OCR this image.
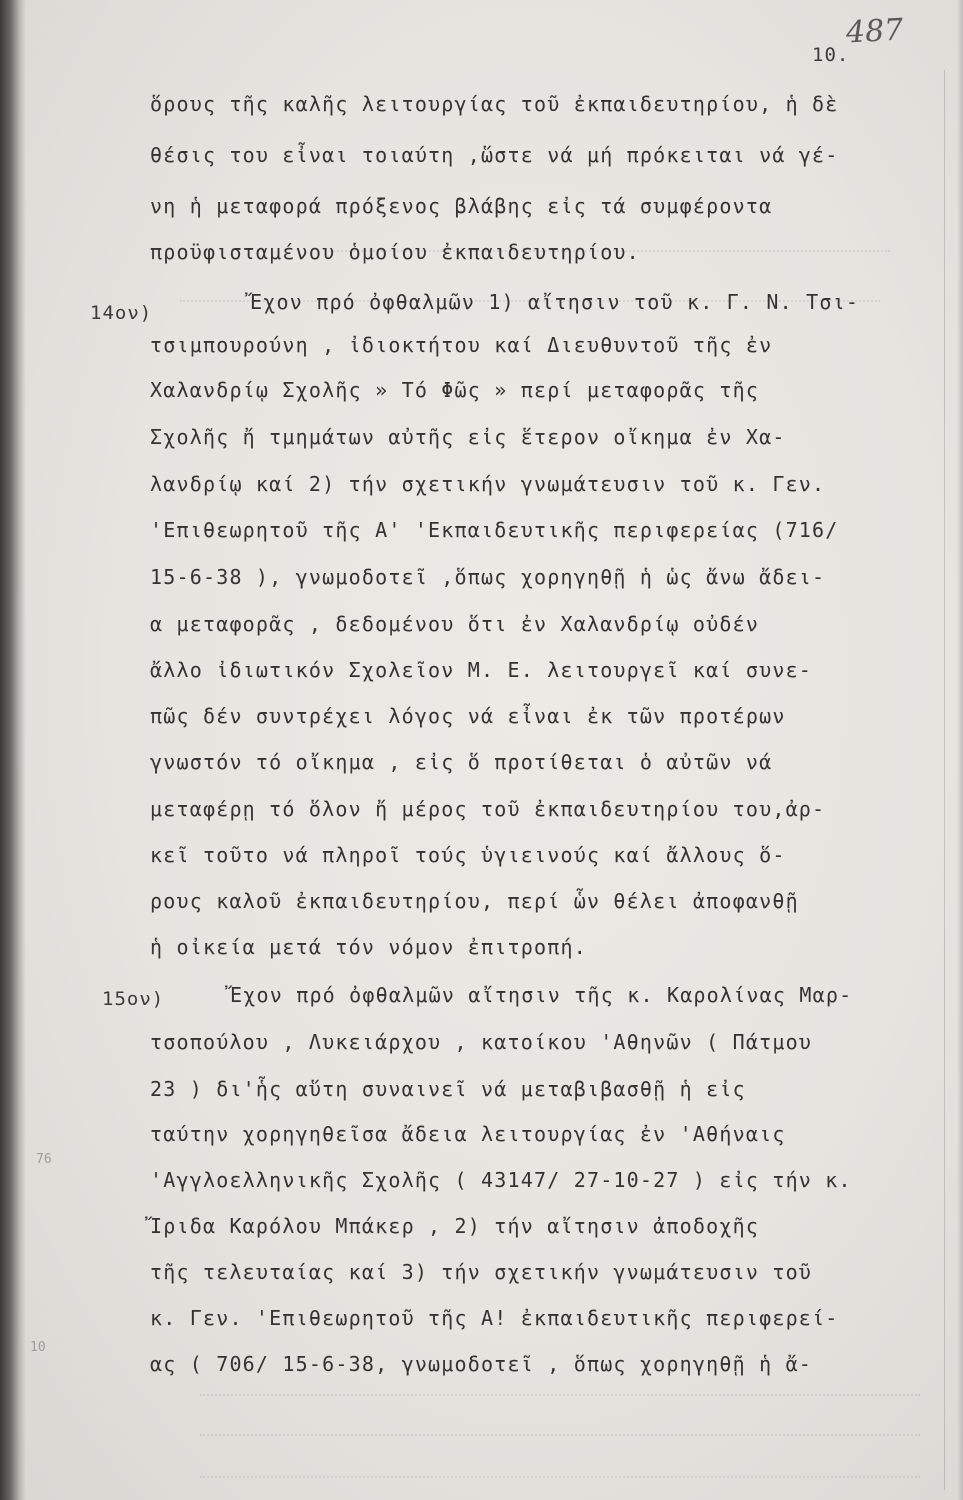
487
10.
14ον)
15ον)
76
10
ὅρους τῆς καλῆς λειτουργίας τοῦ ἐκπαιδευτηρίου, ἡ δὲ
θέσις του εἶναι τοιαύτη ,ὥστε νά μή πρόκειται νά γέ-
νη ἡ μεταφορά πρόξενος βλάβης εἰς τά συμφέροντα
προϋφισταμένου ὁμοίου ἐκπαιδευτηρίου.
Ἔχον πρό ὀφθαλμῶν 1) αἴτησιν τοῦ κ. Γ. Ν. Τσι-
τσιμπουρούνη , ἰδιοκτήτου καί Διευθυντοῦ τῆς ἐν
Χαλανδρίῳ Σχολῆς » Τό Φῶς » περί μεταφορᾶς τῆς
Σχολῆς ἤ τμημάτων αὐτῆς εἰς ἕτερον οἴκημα ἐν Χα-
λανδρίῳ καί 2) τήν σχετικήν γνωμάτευσιν τοῦ κ. Γεν.
'Επιθεωρητοῦ τῆς Α' 'Εκπαιδευτικῆς περιφερείας (716/
15-6-38 ), γνωμοδοτεῖ ,ὅπως χορηγηθῇ ἡ ὡς ἄνω ἄδει-
α μεταφορᾶς , δεδομένου ὅτι ἐν Χαλανδρίῳ οὐδέν
ἄλλο ἰδιωτικόν Σχολεῖον Μ. Ε. λειτουργεῖ καί συνε-
πῶς δέν συντρέχει λόγος νά εἶναι ἐκ τῶν προτέρων
γνωστόν τό οἴκημα , εἰς ὅ προτίθεται ὁ αὐτῶν νά
μεταφέρῃ τό ὅλον ἤ μέρος τοῦ ἐκπαιδευτηρίου του,ἀρ-
κεῖ τοῦτο νά πληροῖ τούς ὑγιεινούς καί ἄλλους ὅ-
ρους καλοῦ ἐκπαιδευτηρίου, περί ὧν θέλει ἀποφανθῇ
ἡ οἰκεία μετά τόν νόμον ἐπιτροπή.
Ἔχον πρό ὀφθαλμῶν αἴτησιν τῆς κ. Καρολίνας Μαρ-
τσοπούλου , Λυκειάρχου , κατοίκου 'Αθηνῶν ( Πάτμου
23 ) δι'ἧς αὕτη συναινεῖ νά μεταβιβασθῇ ἡ εἰς
ταύτην χορηγηθεῖσα ἄδεια λειτουργίας ἐν 'Αθήναις
'Αγγλοελληνικῆς Σχολῆς ( 43147/ 27-10-27 ) εἰς τήν κ.
Ἴριδα Καρόλου Μπάκερ , 2) τήν αἴτησιν ἀποδοχῆς
τῆς τελευταίας καί 3) τήν σχετικήν γνωμάτευσιν τοῦ
κ. Γεν. 'Επιθεωρητοῦ τῆς Α! ἐκπαιδευτικῆς περιφερεί-
ας ( 706/ 15-6-38, γνωμοδοτεῖ , ὅπως χορηγηθῇ ἡ ἄ-
